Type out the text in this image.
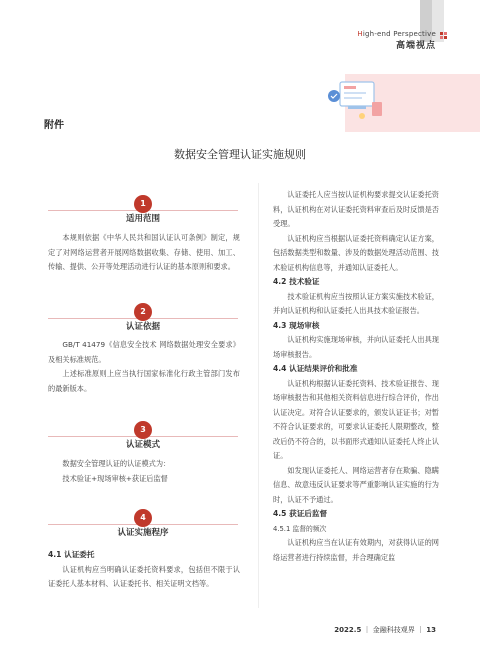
High-end Perspective
高端视点
附件
数据安全管理认证实施规则
1
适用范围

本规则依据《中华人民共和国认证认可条例》制定，规定了对网络运营者开展网络数据收集、存储、使用、加工、传输、提供、公开等处理活动进行认证的基本原则和要求。

2
认证依据

GB/T 41479《信息安全技术 网络数据处理安全要求》及相关标准规范。

上述标准原则上应当执行国家标准化行政主管部门发布的最新版本。

3
认证模式

数据安全管理认证的认证模式为：

技术验证+现场审核+获证后监督

4
认证实施程序

4.1 认证委托

认证机构应当明确认证委托资料要求，包括但不限于认证委托人基本材料、认证委托书、相关证明文档等。

认证委托人应当按认证机构要求提交认证委托资料，认证机构在对认证委托资料审查后及时反馈是否受理。

认证机构应当根据认证委托资料确定认证方案，包括数据类型和数量、涉及的数据处理活动范围、技术验证机构信息等，并通知认证委托人。

4.2 技术验证

技术验证机构应当按照认证方案实施技术验证，并向认证机构和认证委托人出具技术验证报告。

4.3 现场审核

认证机构实施现场审核，并向认证委托人出具现场审核报告。

4.4 认证结果评价和批准

认证机构根据认证委托资料、技术验证报告、现场审核报告和其他相关资料信息进行综合评价，作出认证决定。对符合认证要求的，颁发认证证书；对暂不符合认证要求的，可要求认证委托人限期整改，整改后仍不符合的，以书面形式通知认证委托人终止认证。

如发现认证委托人、网络运营者存在欺骗、隐瞒信息、故意违反认证要求等严重影响认证实施的行为时，认证不予通过。

4.5 获证后监督

4.5.1 监督的频次

认证机构应当在认证有效期内，对获得认证的网络运营者进行持续监督，并合理确定监

2022.5 ｜ 金融科技观界 ｜ 13
